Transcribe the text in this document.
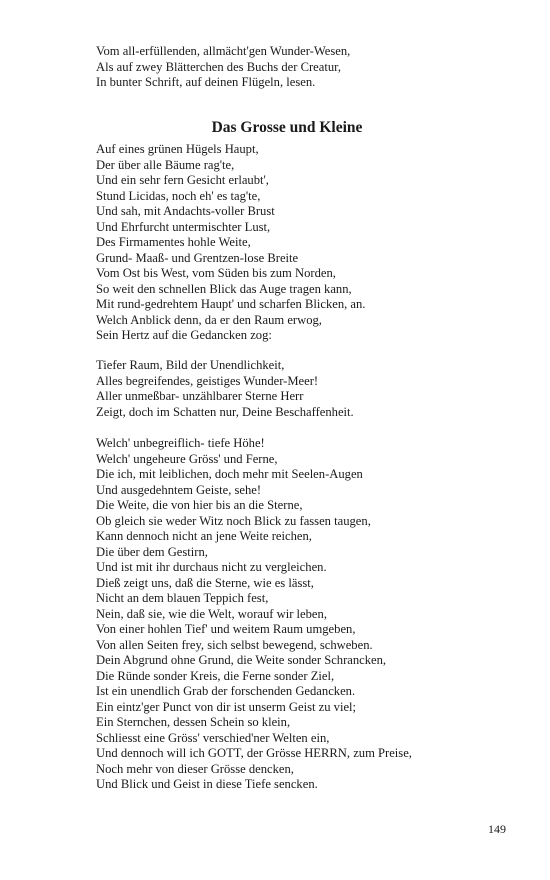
Vom all-erfüllenden, allmächt'gen Wunder-Wesen,
Als auf zwey Blätterchen des Buchs der Creatur,
In bunter Schrift, auf deinen Flügeln, lesen.
Das Grosse und Kleine
Auf eines grünen Hügels Haupt,
Der über alle Bäume rag'te,
Und ein sehr fern Gesicht erlaubt',
Stund Licidas, noch eh' es tag'te,
Und sah, mit Andachts-voller Brust
Und Ehrfurcht untermischter Lust,
Des Firmamentes hohle Weite,
Grund- Maaß- und Grentzen-lose Breite
Vom Ost bis West, vom Süden bis zum Norden,
So weit den schnellen Blick das Auge tragen kann,
Mit rund-gedrehtem Haupt' und scharfen Blicken, an.
Welch Anblick denn, da er den Raum erwog,
Sein Hertz auf die Gedancken zog:
Tiefer Raum, Bild der Unendlichkeit,
Alles begreifendes, geistiges Wunder-Meer!
Aller unmeßbar- unzählbarer Sterne Herr
Zeigt, doch im Schatten nur, Deine Beschaffenheit.
Welch' unbegreiflich- tiefe Höhe!
Welch' ungeheure Gröss' und Ferne,
Die ich, mit leiblichen, doch mehr mit Seelen-Augen
Und ausgedehntem Geiste, sehe!
Die Weite, die von hier bis an die Sterne,
Ob gleich sie weder Witz noch Blick zu fassen taugen,
Kann dennoch nicht an jene Weite reichen,
Die über dem Gestirn,
Und ist mit ihr durchaus nicht zu vergleichen.
Dieß zeigt uns, daß die Sterne, wie es lässt,
Nicht an dem blauen Teppich fest,
Nein, daß sie, wie die Welt, worauf wir leben,
Von einer hohlen Tief' und weitem Raum umgeben,
Von allen Seiten frey, sich selbst bewegend, schweben.
Dein Abgrund ohne Grund, die Weite sonder Schrancken,
Die Ründe sonder Kreis, die Ferne sonder Ziel,
Ist ein unendlich Grab der forschenden Gedancken.
Ein eintz'ger Punct von dir ist unserm Geist zu viel;
Ein Sternchen, dessen Schein so klein,
Schliesst eine Gröss' verschied'ner Welten ein,
Und dennoch will ich GOTT, der Grösse HERRN, zum Preise,
Noch mehr von dieser Grösse dencken,
Und Blick und Geist in diese Tiefe sencken.
149
